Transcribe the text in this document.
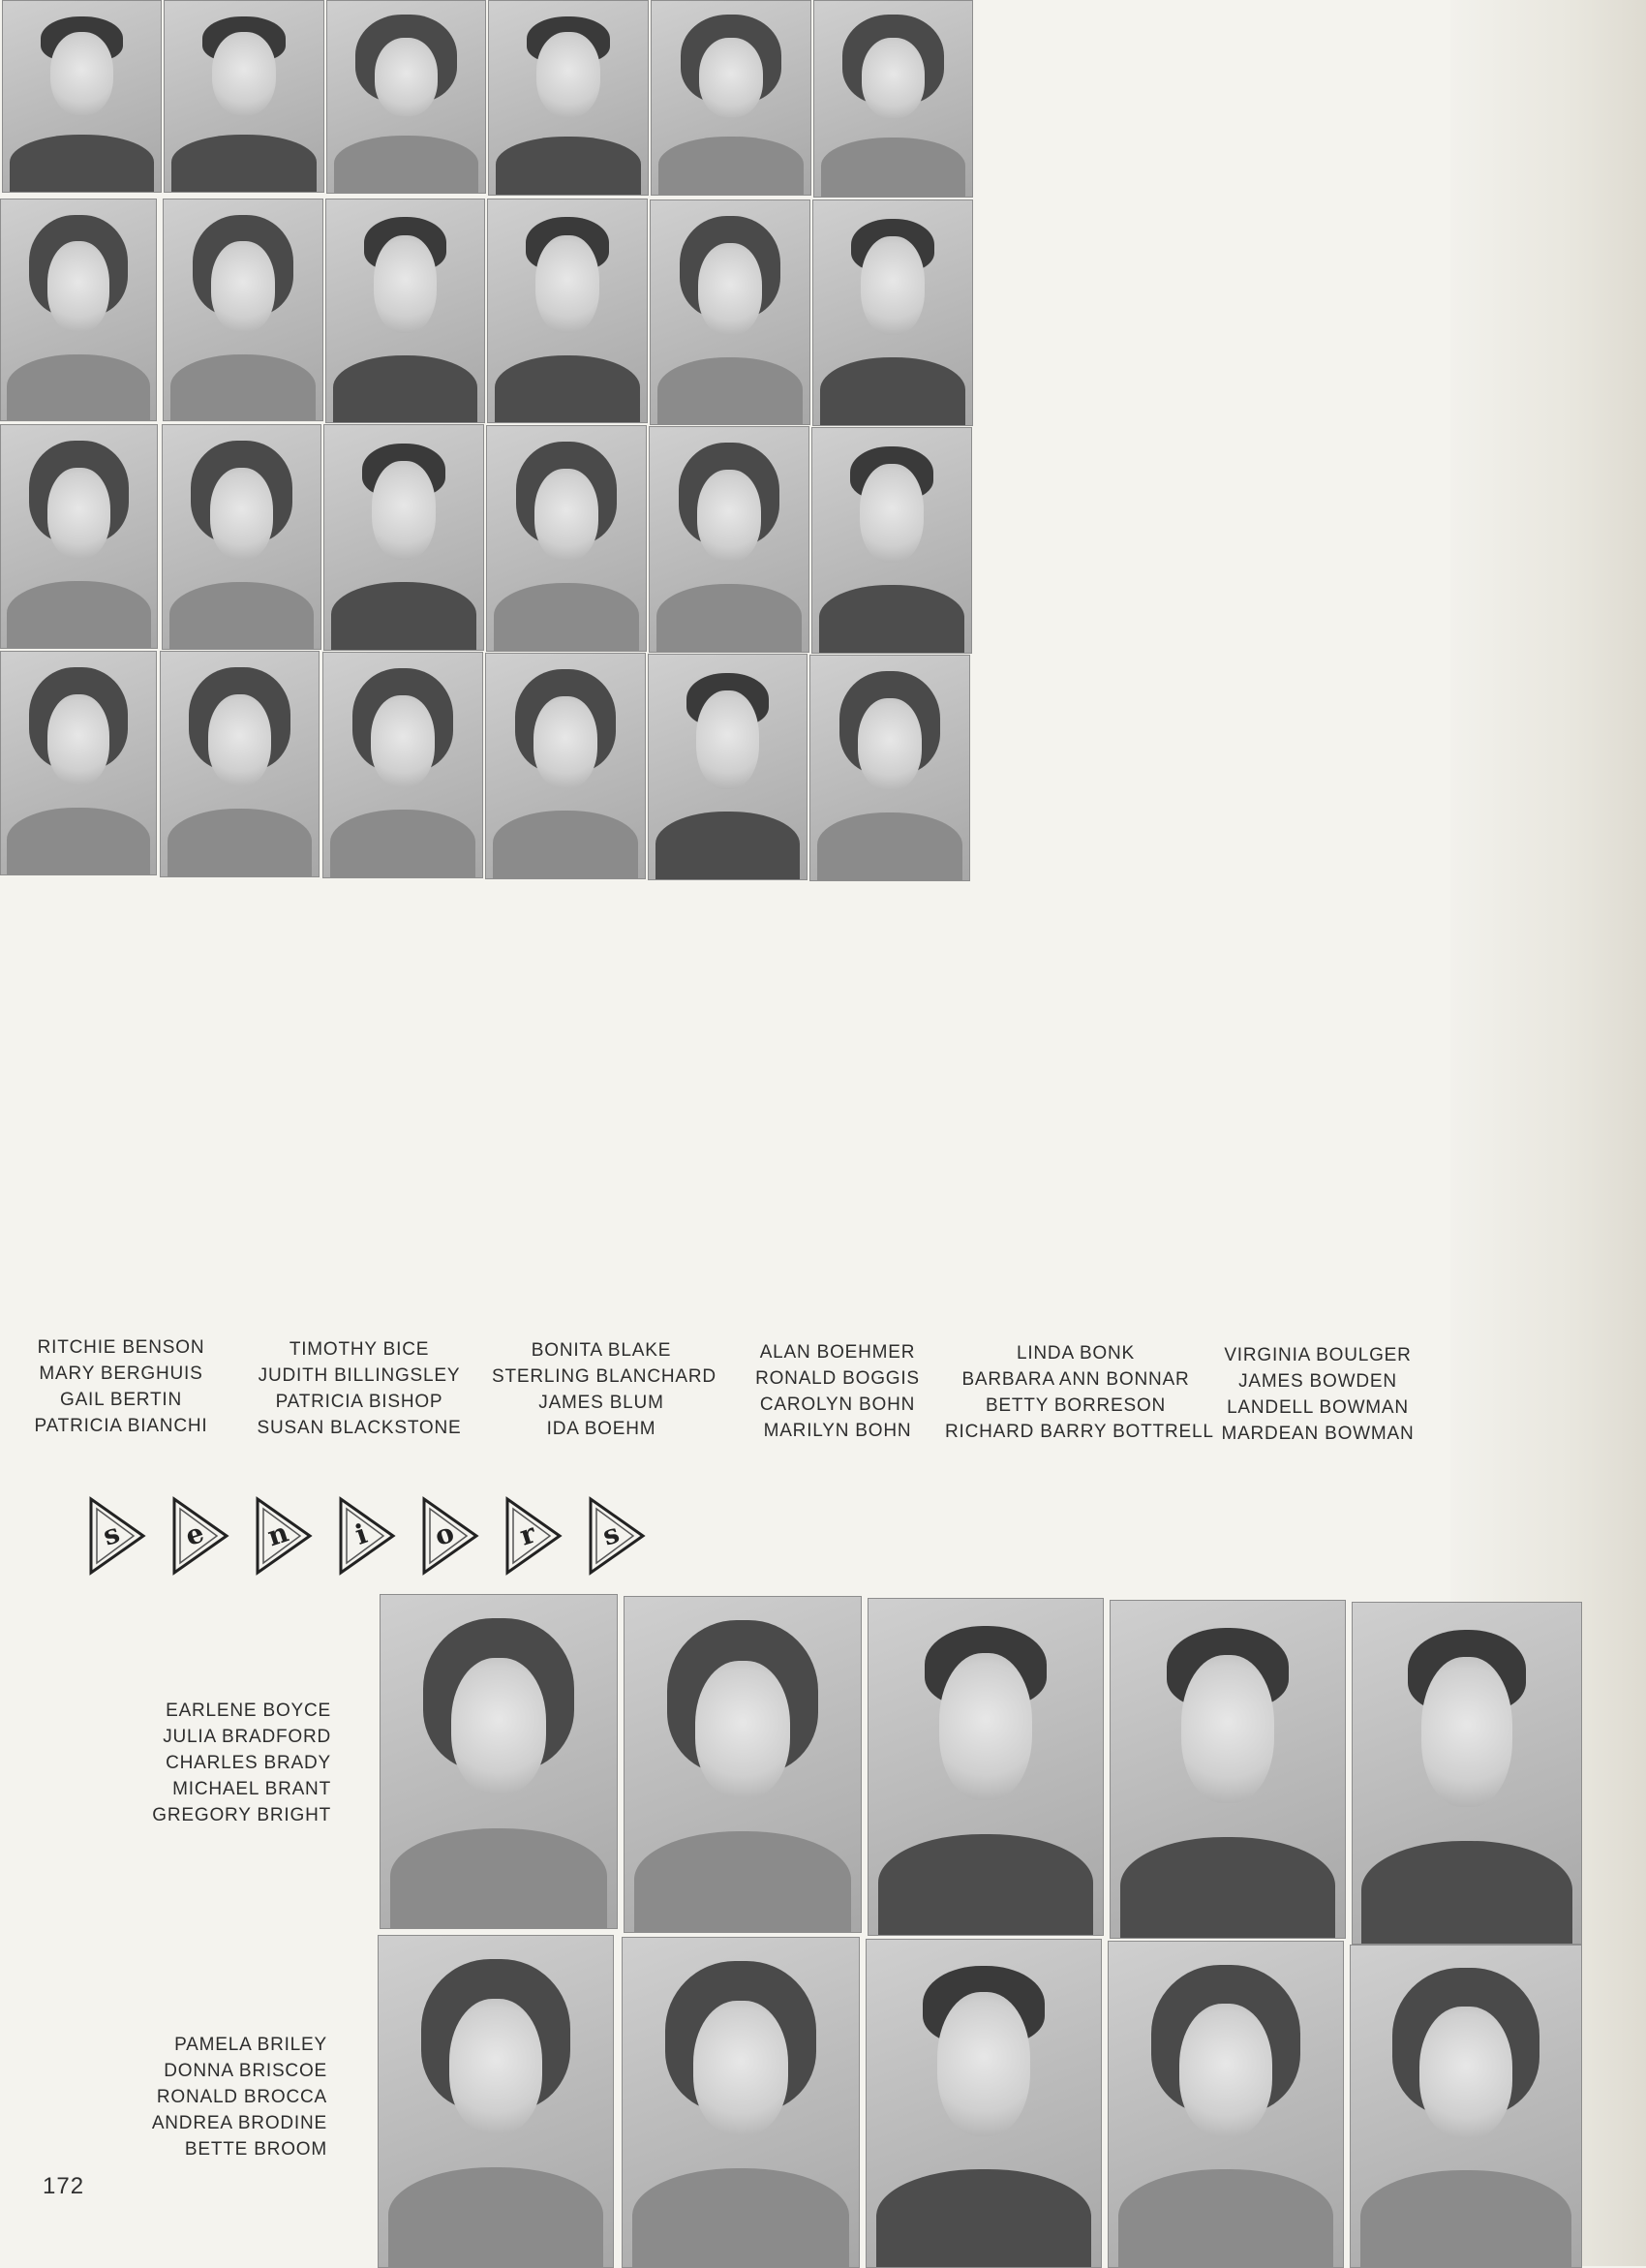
RITCHIE BENSON
MARY BERGHUIS
GAIL BERTIN
PATRICIA BIANCHI
TIMOTHY BICE
JUDITH BILLINGSLEY
PATRICIA BISHOP
SUSAN BLACKSTONE
BONITA BLAKE
STERLING BLANCHARD
JAMES BLUM
IDA BOEHM
ALAN BOEHMER
RONALD BOGGIS
CAROLYN BOHN
MARILYN BOHN
LINDA BONK
BARBARA ANN BONNAR
BETTY BORRESON
RICHARD BARRY BOTTRELL
VIRGINIA BOULGER
JAMES BOWDEN
LANDELL BOWMAN
MARDEAN BOWMAN
s e n i o r s
EARLENE BOYCE
JULIA BRADFORD
CHARLES BRADY
MICHAEL BRANT
GREGORY BRIGHT
PAMELA BRILEY
DONNA BRISCOE
RONALD BROCCA
ANDREA BRODINE
BETTE BROOM
172
